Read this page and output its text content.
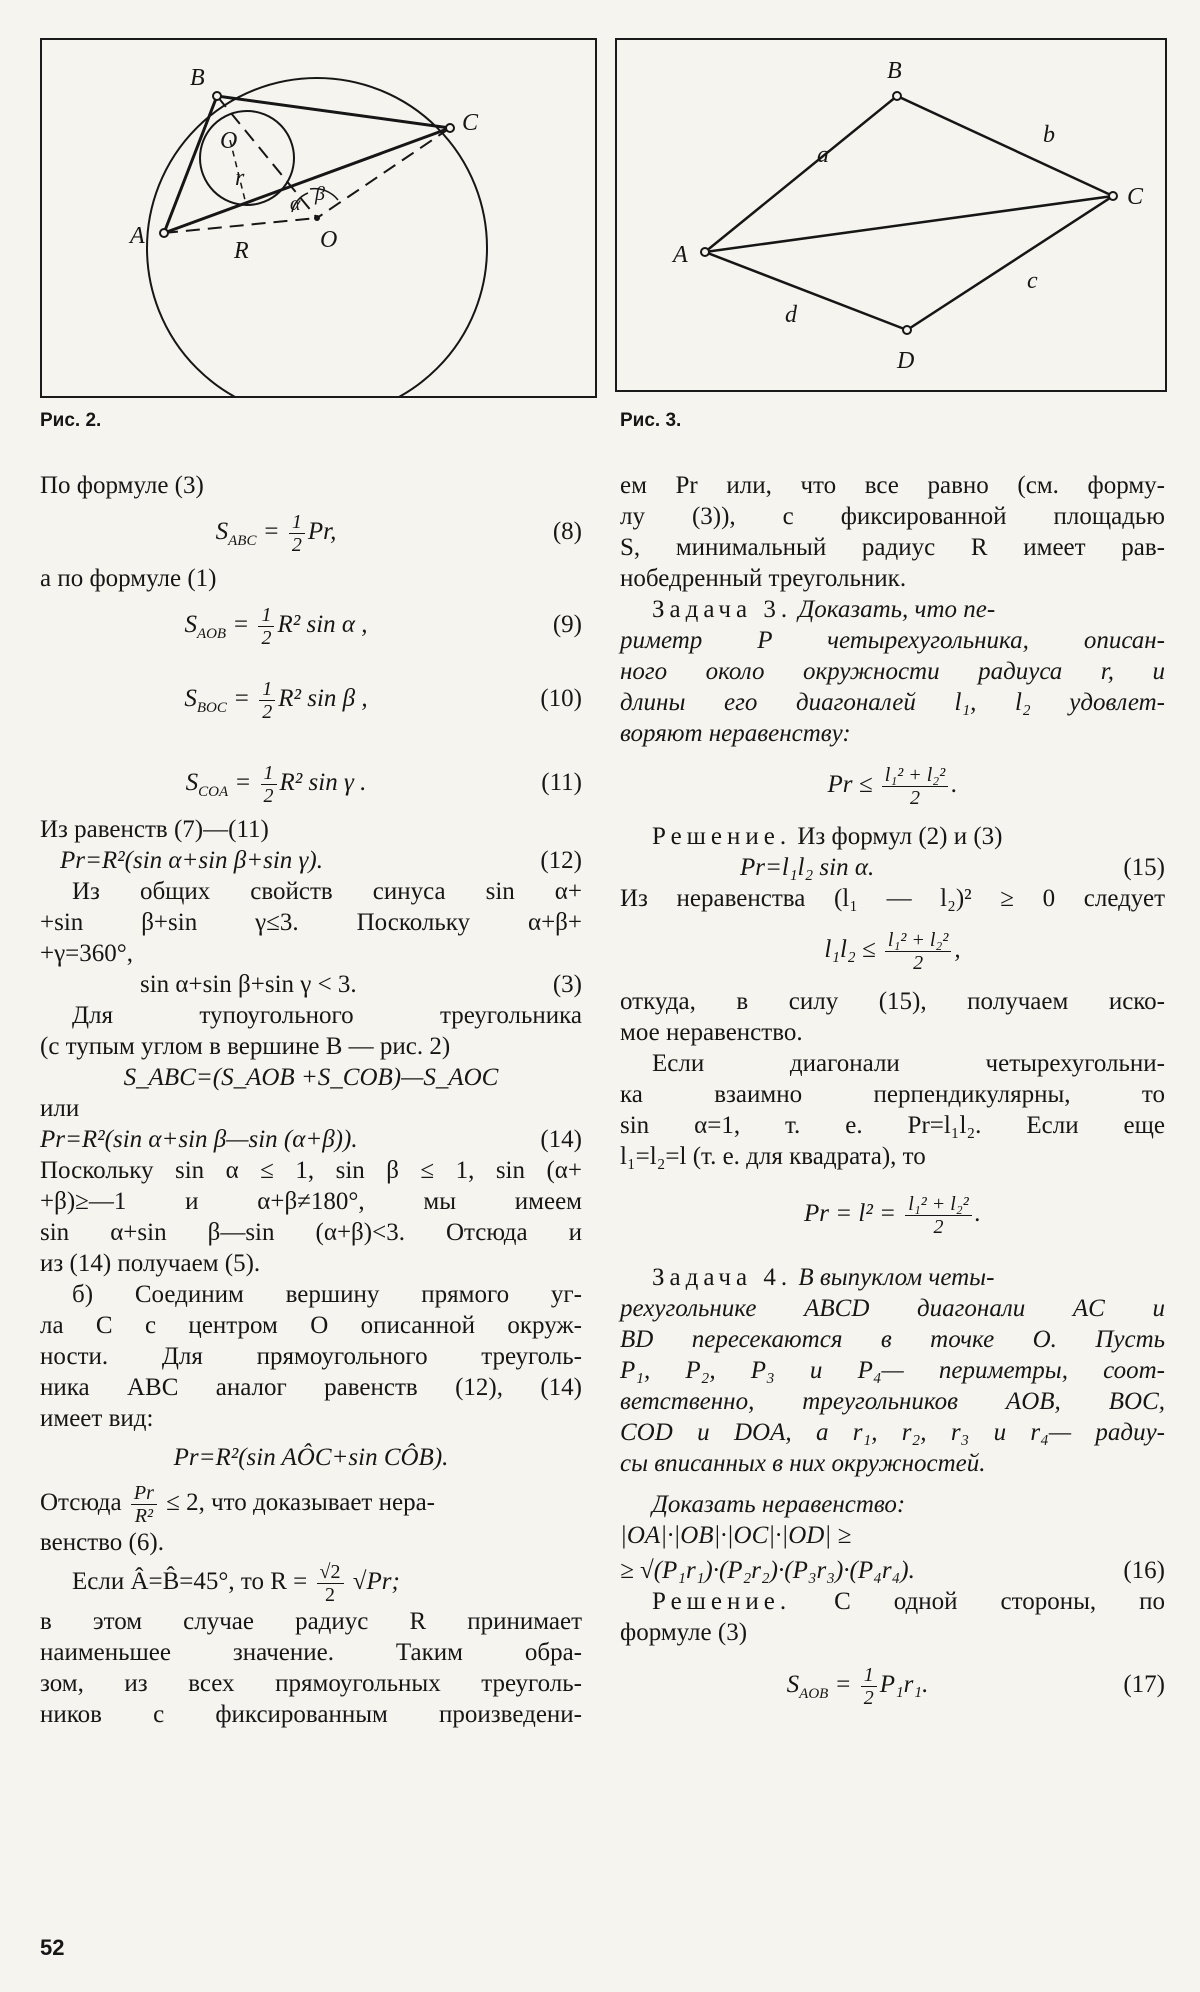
B
C
A	O
O
r
R
α β
Рис. 2.
A
B
C
D
a
b
c
d
Рис. 3.
По формуле (3)
$S_{ABC} = \frac{1}{2} Pr$,	(8)
а по формуле (1)
$S_{AOB} = \frac{1}{2} R^2$ sin α ,	(9)
$S_{BOC} = \frac{1}{2} R^2$ sin β ,	(10)
$S_{COA} = \frac{1}{2} R^2$ sin γ .	(11)
Из равенств (7)—(11)
Pr=R²(sin α+sin β+sin γ).	(12)
Из общих свойств синуса sin α+
+sin β+sin γ≤3. Поскольку α+β+
+γ=360°,
sin α+sin β+sin γ < 3.	(3)
Для тупоугольного треугольника
(с тупым углом в вершине B — рис. 2)
S_ABC=(S_AOB +S_COB)—S_AOC
или
Pr=R²(sin α+sin β—sin (α+β)).	(14)
Поскольку sin α ≤ 1, sin β ≤ 1, sin (α+
+β)≥—1 и α+β≠180°, мы имеем
sin α+sin β—sin (α+β)<3. Отсюда и
из (14) получаем (5).
б) Соединим вершину прямого уг-
ла C с центром O описанной окруж-
ности. Для прямоугольного треуголь-
ника ABC аналог равенств (12), (14)
имеет вид:
Pr=R²(sin AÔC+sin CÔB).
Отсюда $\frac{Pr}{\text{R²}} \le 2$, что доказывает нера-
венство (6).
Если Â=B̂=45°, то $R = \frac{√2}{2} √Pr$;
в этом случае радиус R принимает
наименьшее значение. Таким обра-
зом, из всех прямоугольных треуголь-
ников с фиксированным произведени-
ем Pr или, что все равно (см. форму-
лу (3)), с фиксированной площадью
S, минимальный радиус R имеет рав-
нобедренный треугольник.
Задача 3. Доказать, что пе-
риметр P четырехугольника, описан-
ного около окружности радиуса r, и
длины его диагоналей l₁, l₂ удовлет-
воряют неравенству:
$Pr \le \frac{\text{l₁² + l₂²}}{2}$ .
Решение. Из формул (2) и (3)
Pr=l₁l₂ sin α.	(15)
Из неравенства (l₁ — l₂)² ≥ 0 следует
$l_1l_2 \le \frac{\text{l₁² + l₂²}}{2}$ ,
откуда, в силу (15), получаем иско-
мое неравенство.
Если диагонали четырехугольни-
ка взаимно перпендикулярны, то
sin α=1, т. е. Pr=l₁l₂. Если еще
l₁=l₂=l (т. е. для квадрата), то
$Pr = l^2 = \frac{\text{l₁² + l₂²}}{2}$ .
Задача 4. В выпуклом четы-
рехугольнике ABCD диагонали AC и
BD пересекаются в точке O. Пусть
P₁, P₂, P₃ и P₄— периметры, соот-
ветственно, треугольников AOB, BOC,
COD и DOA, а r₁, r₂, r₃ и r₄— радиу-
сы вписанных в них окружностей.
Доказать неравенство:
|OA|·|OB|·|OC|·|OD| ≥
≥ √(P₁r₁)·(P₂r₂)·(P₃r₃)·(P₄r₄).	(16)
Решение. С одной стороны, по
формуле (3)
$S_{AOB} = \frac{1}{2} P_1r_1$.	(17)
52
